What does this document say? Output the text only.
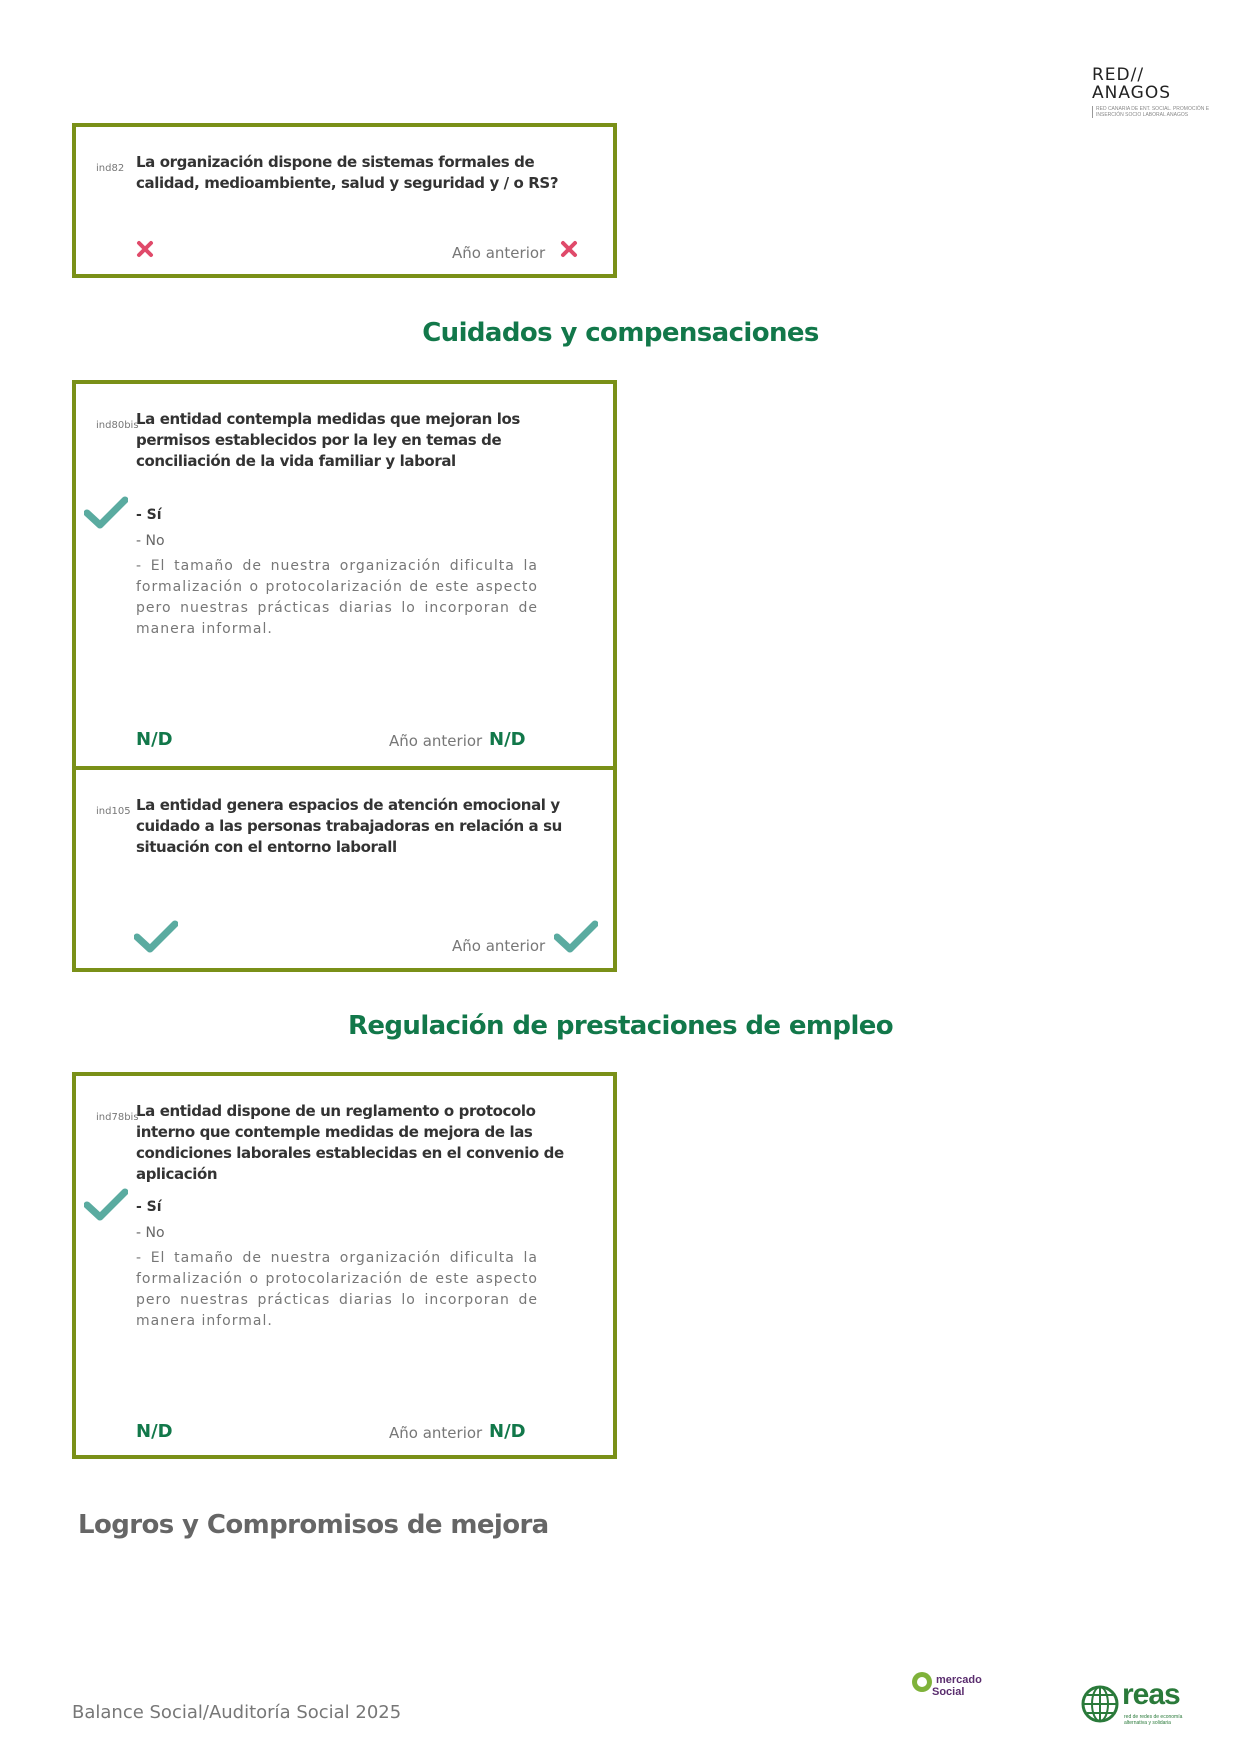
RED//
ANAGOS
RED CANARIA DE ENT. SOCIAL. PROMOCIÓN E INSERCIÓN SOCIO LABORAL ANAGOS
ind82 La organización dispone de sistemas formales de calidad, medioambiente, salud y seguridad y / o RS?
Año anterior
Cuidados y compensaciones
ind80bis
La entidad contempla medidas que mejoran los permisos establecidos por la ley en temas de conciliación de la vida familiar y laboral
- Sí
- No
- El tamaño de nuestra organización dificulta la formalización o protocolarización de este aspecto pero nuestras prácticas diarias lo incorporan de manera informal.
N/D	Año anterior N/D
ind105 La entidad genera espacios de atención emocional y cuidado a las personas trabajadoras en relación a su situación con el entorno laborall
Año anterior
Regulación de prestaciones de empleo
ind78bis
La entidad dispone de un reglamento o protocolo interno que contemple medidas de mejora de las condiciones laborales establecidas en el convenio de aplicación
- Sí
- No
- El tamaño de nuestra organización dificulta la formalización o protocolarización de este aspecto pero nuestras prácticas diarias lo incorporan de manera informal.
N/D	Año anterior N/D
Logros y Compromisos de mejora
Balance Social/Auditoría Social 2025
mercado
Social	reas
red de redes de economía alternativa y solidaria
